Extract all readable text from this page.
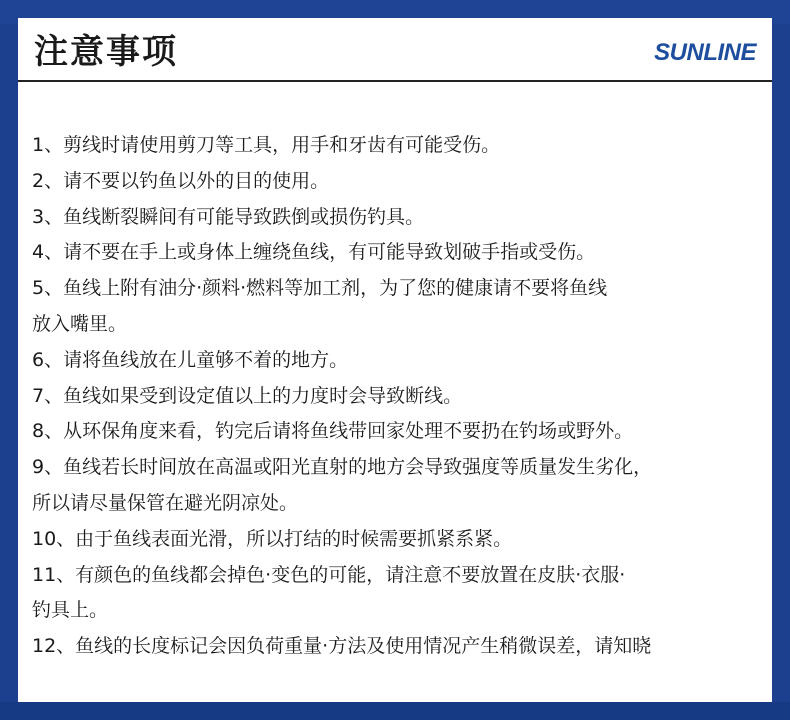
注意事项	SUNLINE
1、剪线时请使用剪刀等工具，用手和牙齿有可能受伤。
2、请不要以钓鱼以外的目的使用。
3、鱼线断裂瞬间有可能导致跌倒或损伤钓具。
4、请不要在手上或身体上缠绕鱼线，有可能导致划破手指或受伤。
5、鱼线上附有油分·颜料·燃料等加工剂，为了您的健康请不要将鱼线
放入嘴里。
6、请将鱼线放在儿童够不着的地方。
7、鱼线如果受到设定值以上的力度时会导致断线。
8、从环保角度来看，钓完后请将鱼线带回家处理不要扔在钓场或野外。
9、鱼线若长时间放在高温或阳光直射的地方会导致强度等质量发生劣化，
所以请尽量保管在避光阴凉处。
10、由于鱼线表面光滑，所以打结的时候需要抓紧系紧。
11、有颜色的鱼线都会掉色·变色的可能，请注意不要放置在皮肤·衣服·
钓具上。
12、鱼线的长度标记会因负荷重量·方法及使用情况产生稍微误差，请知晓
